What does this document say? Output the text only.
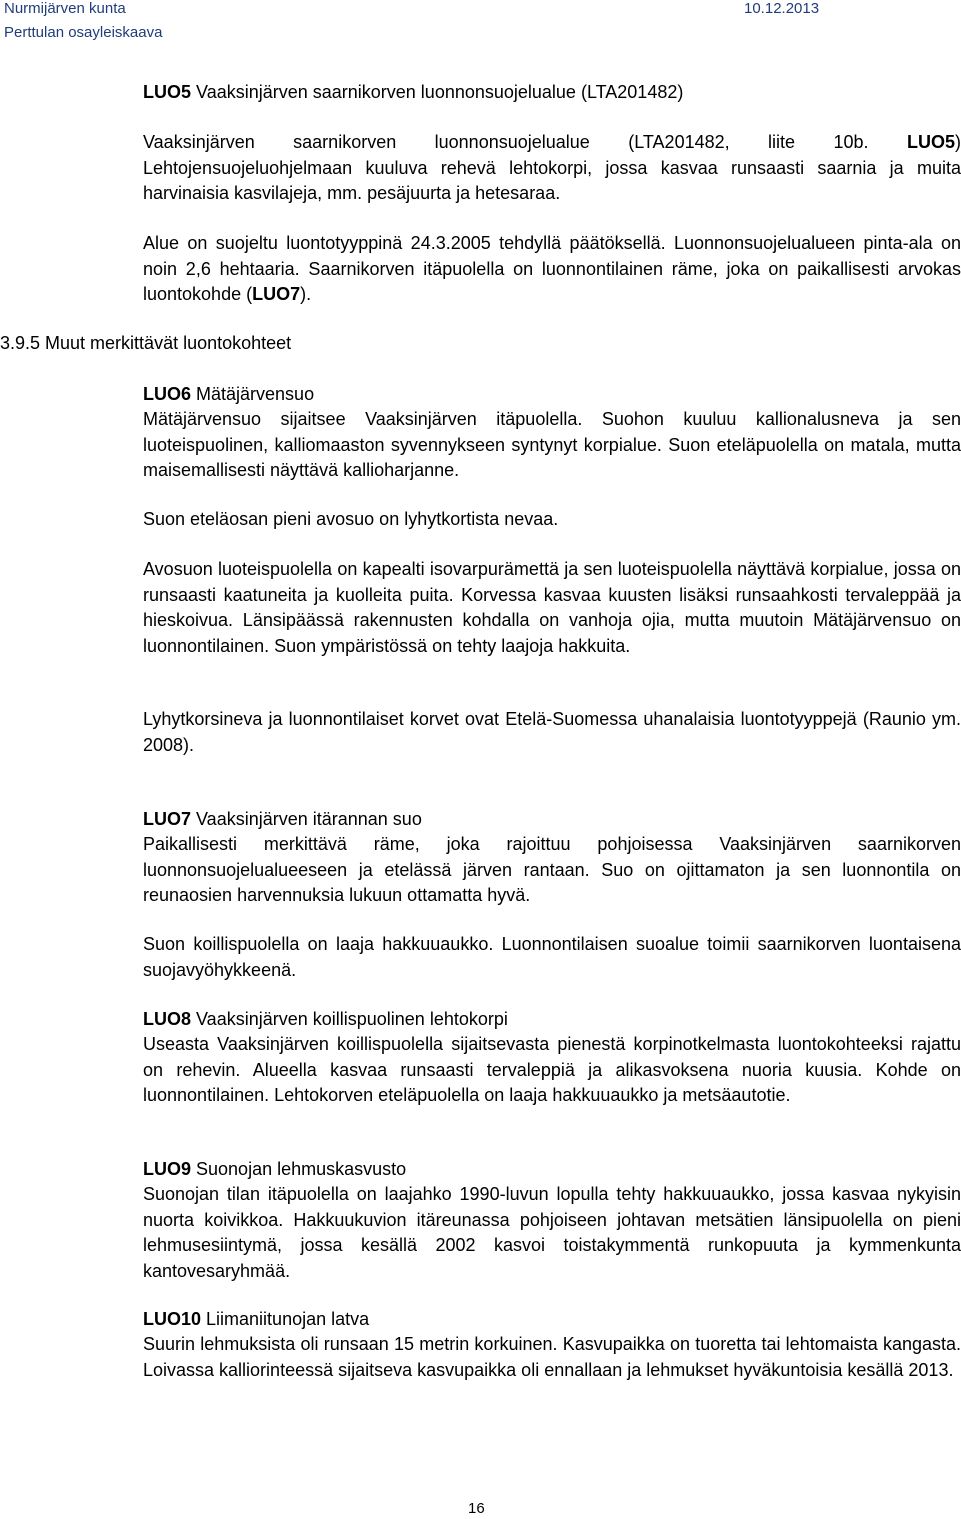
Nurmijärven kunta
Perttulan osayleiskaava
10.12.2013
LUO5 Vaaksinjärven saarnikorven luonnonsuojelualue (LTA201482)
Vaaksinjärven saarnikorven luonnonsuojelualue (LTA201482, liite 10b. LUO5) Lehtojensuojeluohjelmaan kuuluva rehevä lehtokorpi, jossa kasvaa runsaasti saarnia ja muita harvinaisia kasvilajeja, mm. pesäjuurta ja hetesaraa.
Alue on suojeltu luontotyyppinä 24.3.2005 tehdyllä päätöksellä. Luonnonsuojelualueen pinta-ala on noin 2,6 hehtaaria. Saarnikorven itäpuolella on luonnontilainen räme, joka on paikallisesti arvokas luontokohde (LUO7).
3.9.5 Muut merkittävät luontokohteet
LUO6 Mätäjärvensuo
Mätäjärvensuo sijaitsee Vaaksinjärven itäpuolella. Suohon kuuluu kallionalusneva ja sen luoteispuolinen, kalliomaaston syvennykseen syntynyt korpialue. Suon eteläpuolella on matala, mutta maisemallisesti näyttävä kallioharjanne.
Suon eteläosan pieni avosuo on lyhytkortista nevaa.
Avosuon luoteispuolella on kapealti isovarpurämettä ja sen luoteispuolella näyttävä korpialue, jossa on runsaasti kaatuneita ja kuolleita puita. Korvessa kasvaa kuusten lisäksi runsaahkosti tervaleppää ja hieskoivua. Länsipäässä rakennusten kohdalla on vanhoja ojia, mutta muutoin Mätäjärvensuo on luonnontilainen. Suon ympäristössä on tehty laajoja hakkuita.
Lyhytkorsineva ja luonnontilaiset korvet ovat Etelä-Suomessa uhanalaisia luontotyyppejä (Raunio ym. 2008).
LUO7 Vaaksinjärven itärannan suo
Paikallisesti merkittävä räme, joka rajoittuu pohjoisessa Vaaksinjärven saarnikorven luonnonsuojelualueeseen ja etelässä järven rantaan. Suo on ojittamaton ja sen luonnontila on reunaosien harvennuksia lukuun ottamatta hyvä.
Suon koillispuolella on laaja hakkuuaukko. Luonnontilaisen suoalue toimii saarnikorven luontaisena suojavyöhykkeenä.
LUO8 Vaaksinjärven koillispuolinen lehtokorpi
Useasta Vaaksinjärven koillispuolella sijaitsevasta pienestä korpinotkelmasta luontokohteeksi rajattu on rehevin. Alueella kasvaa runsaasti tervaleppiä ja alikasvoksena nuoria kuusia. Kohde on luonnontilainen. Lehtokorven eteläpuolella on laaja hakkuuaukko ja metsäautotie.
LUO9 Suonojan lehmuskasvusto
Suonojan tilan itäpuolella on laajahko 1990-luvun lopulla tehty hakkuuaukko, jossa kasvaa nykyisin nuorta koivikkoa. Hakkuukuvion itäreunassa pohjoiseen johtavan metsätien länsipuolella on pieni lehmusesiintymä, jossa kesällä 2002 kasvoi toistakymmentä runkopuuta ja kymmenkunta kantovesaryhmää.
LUO10 Liimaniitunojan latva
Suurin lehmuksista oli runsaan 15 metrin korkuinen. Kasvupaikka on tuoretta tai lehtomaista kangasta. Loivassa kalliorinteessä sijaitseva kasvupaikka oli ennallaan ja lehmukset hyväkuntoisia kesällä 2013.
16
